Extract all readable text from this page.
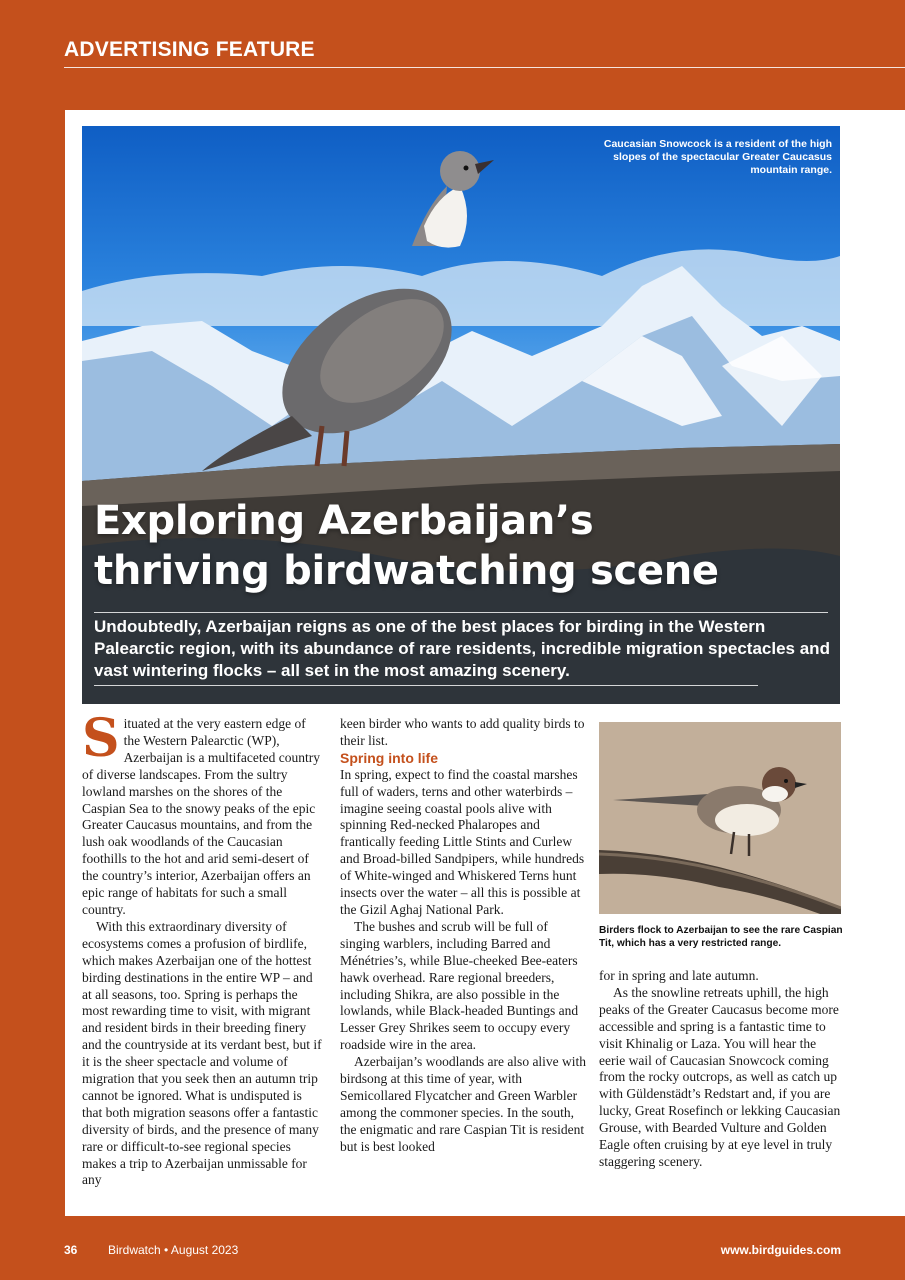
ADVERTISING FEATURE
Caucasian Snowcock is a resident of the high slopes of the spectacular Greater Caucasus mountain range.
Exploring Azerbaijan’s
thriving birdwatching scene
Undoubtedly, Azerbaijan reigns as one of the best places for birding in the Western Palearctic region, with its abundance of rare residents, incredible migration spectacles and vast wintering flocks – all set in the most amazing scenery.

Situated at the very eastern edge of the Western Palearctic (WP), Azerbaijan is a multifaceted country of diverse landscapes. From the sultry lowland marshes on the shores of the Caspian Sea to the snowy peaks of the epic Greater Caucasus mountains, and from the lush oak woodlands of the Caucasian foothills to the hot and arid semi-desert of the country’s interior, Azerbaijan offers an epic range of habitats for such a small country.

With this extraordinary diversity of ecosystems comes a profusion of birdlife, which makes Azerbaijan one of the hottest birding destinations in the entire WP – and at all seasons, too. Spring is perhaps the most rewarding time to visit, with migrant and resident birds in their breeding finery and the countryside at its verdant best, but if it is the sheer spectacle and volume of migration that you seek then an autumn trip cannot be ignored. What is undisputed is that both migration seasons offer a fantastic diversity of birds, and the presence of many rare or difficult-to-see regional species makes a trip to Azerbaijan unmissable for any

keen birder who wants to add quality birds to their list.

Spring into life

In spring, expect to find the coastal marshes full of waders, terns and other waterbirds – imagine seeing coastal pools alive with spinning Red-necked Phalaropes and frantically feeding Little Stints and Curlew and Broad-billed Sandpipers, while hundreds of White-winged and Whiskered Terns hunt insects over the water – all this is possible at the Gizil Aghaj National Park.

The bushes and scrub will be full of singing warblers, including Barred and Ménétries’s, while Blue-cheeked Bee-eaters hawk overhead. Rare regional breeders, including Shikra, are also possible in the lowlands, while Black-headed Buntings and Lesser Grey Shrikes seem to occupy every roadside wire in the area.

Azerbaijan’s woodlands are also alive with birdsong at this time of year, with Semicollared Flycatcher and Green Warbler among the commoner species. In the south, the enigmatic and rare Caspian Tit is resident but is best looked

Birders flock to Azerbaijan to see the rare Caspian Tit, which has a very restricted range.

for in spring and late autumn.

As the snowline retreats uphill, the high peaks of the Greater Caucasus become more accessible and spring is a fantastic time to visit Khinalig or Laza. You will hear the eerie wail of Caucasian Snowcock coming from the rocky outcrops, as well as catch up with Güldenstädt’s Redstart and, if you are lucky, Great Rosefinch or lekking Caucasian Grouse, with Bearded Vulture and Golden Eagle often cruising by at eye level in truly staggering scenery.

36	Birdwatch • August 2023	www.birdguides.com
